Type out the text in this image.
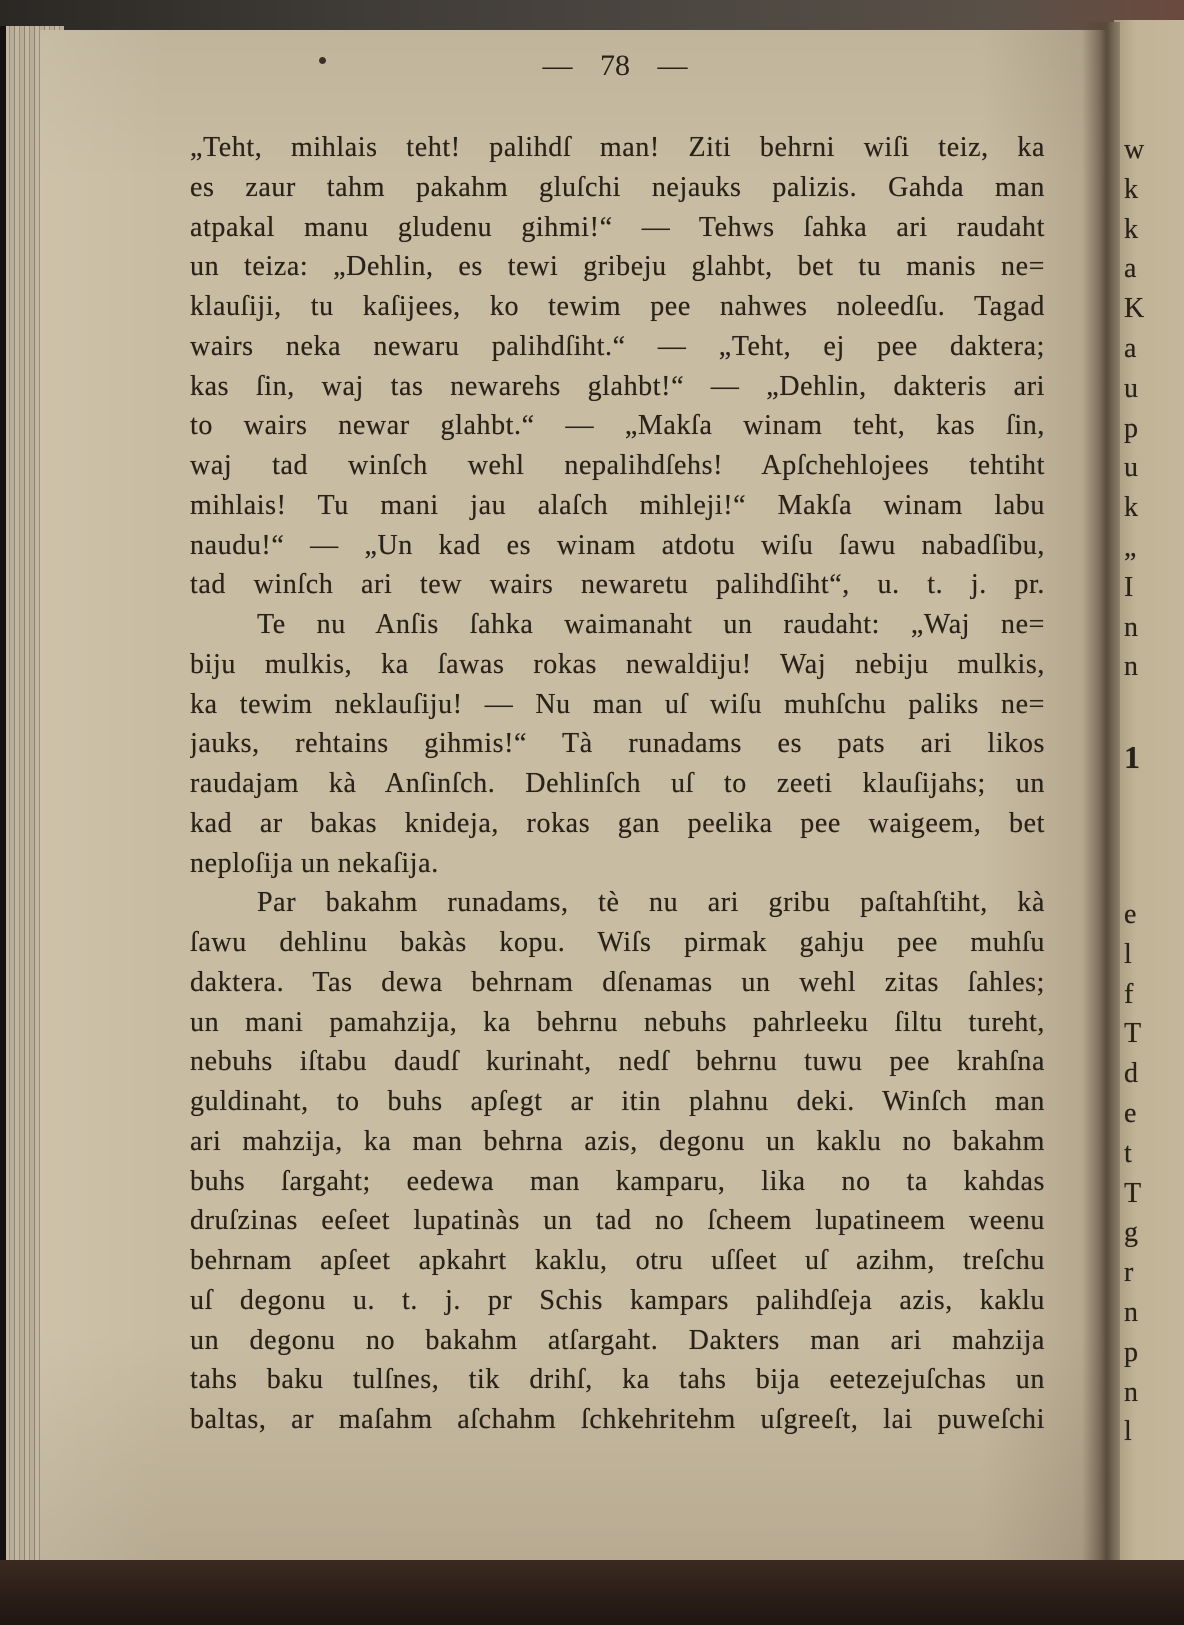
— 78 —
„Teht, mihlais teht! palihdſ man! Ziti behrni wiſi teiz, ka
es zaur tahm pakahm gluſchi nejauks palizis. Gahda man
atpakal manu gludenu gihmi!“ — Tehws ſahka ari raudaht
un teiza: „Dehlin, es tewi gribeju glahbt, bet tu manis ne=
klauſiji, tu kaſijees, ko tewim pee nahwes noleedſu. Tagad
wairs neka newaru palihdſiht.“ — „Teht, ej pee daktera;
kas ſin, waj tas newarehs glahbt!“ — „Dehlin, dakteris ari
to wairs newar glahbt.“ — „Makſa winam teht, kas ſin,
waj tad winſch wehl nepalihdſehs! Apſchehlojees tehtiht
mihlais! Tu mani jau alaſch mihleji!“ Makſa winam labu
naudu!“ — „Un kad es winam atdotu wiſu ſawu nabadſibu,
tad winſch ari tew wairs newaretu palihdſiht“, u. t. j. pr.
Te nu Anſis ſahka waimanaht un raudaht: „Waj ne=
biju mulkis, ka ſawas rokas newaldiju! Waj nebiju mulkis,
ka tewim neklauſiju! — Nu man uſ wiſu muhſchu paliks ne=
jauks, rehtains gihmis!“ Tà runadams es pats ari likos
raudajam kà Anſinſch. Dehlinſch uſ to zeeti klauſijahs; un
kad ar bakas knideja, rokas gan peelika pee waigeem, bet
neploſija un nekaſija.
Par bakahm runadams, tè nu ari gribu paſtahſtiht, kà
ſawu dehlinu bakàs kopu. Wiſs pirmak gahju pee muhſu
daktera. Tas dewa behrnam dſenamas un wehl zitas ſahles;
un mani pamahzija, ka behrnu nebuhs pahrleeku ſiltu tureht,
nebuhs iſtabu daudſ kurinaht, nedſ behrnu tuwu pee krahſna
guldinaht, to buhs apſegt ar itin plahnu deki. Winſch man
ari mahzija, ka man behrna azis, degonu un kaklu no bakahm
buhs ſargaht; eedewa man kamparu, lika no ta kahdas
druſzinas eeſeet lupatinàs un tad no ſcheem lupatineem weenu
behrnam apſeet apkahrt kaklu, otru uſſeet uſ azihm, treſchu
uſ degonu u. t. j. pr Schis kampars palihdſeja azis, kaklu
un degonu no bakahm atſargaht. Dakters man ari mahzija
tahs baku tulſnes, tik drihſ, ka tahs bija eetezejuſchas un
baltas, ar maſahm aſchahm ſchkehritehm uſgreeſt, lai puweſchi
w
k
k
a
K
a
u
p
u
k
„
I
n
n
1
e
l
f
T
d
e
t
T
g
r
n
p
n
l
